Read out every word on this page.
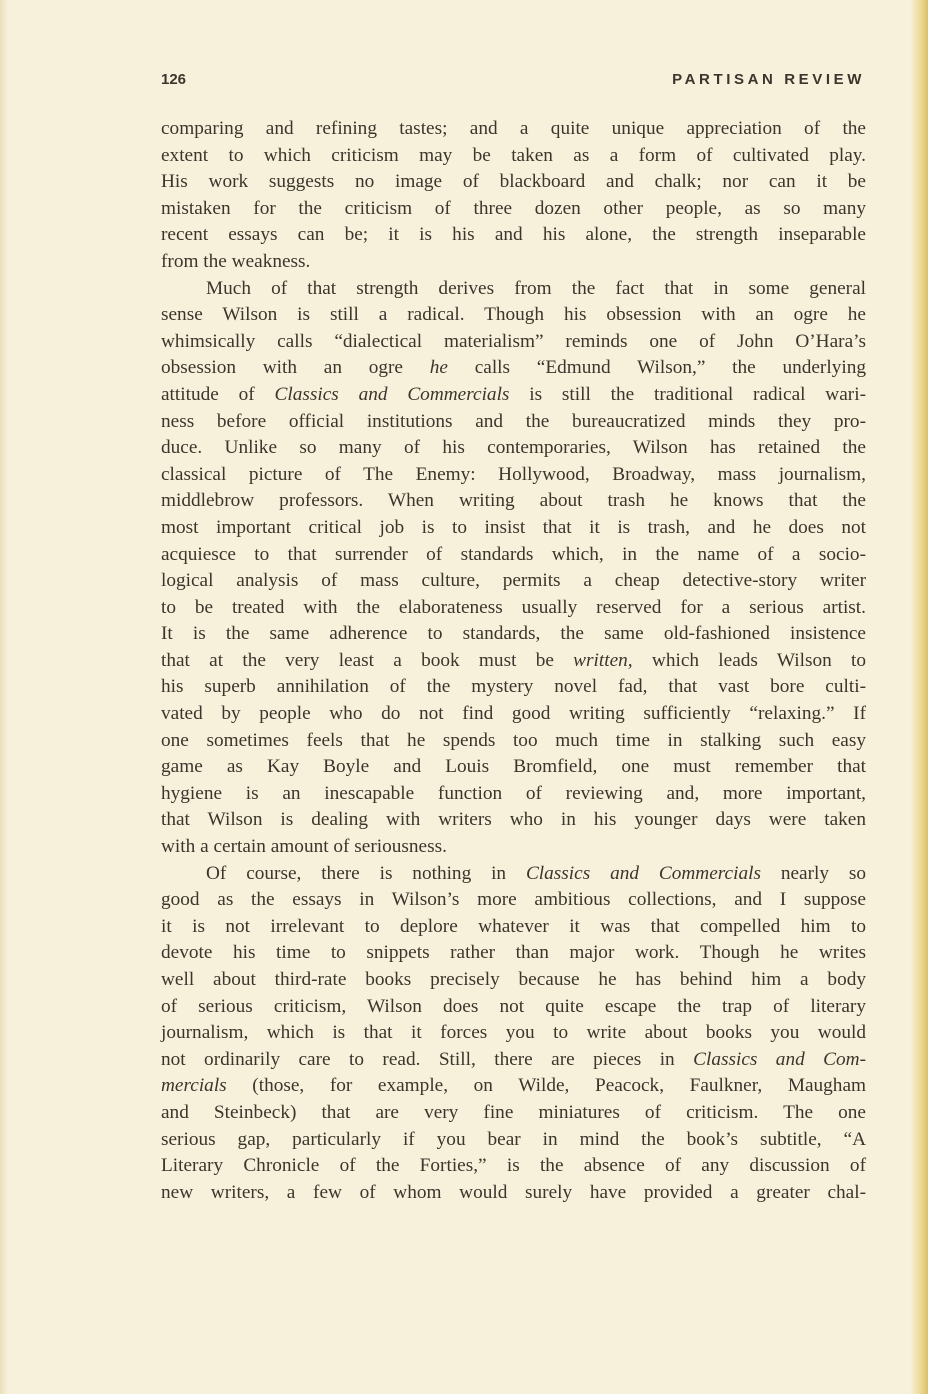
126	PARTISAN REVIEW
comparing and refining tastes; and a quite unique appreciation of the
extent to which criticism may be taken as a form of cultivated play.
His work suggests no image of blackboard and chalk; nor can it be
mistaken for the criticism of three dozen other people, as so many
recent essays can be; it is his and his alone, the strength inseparable
from the weakness.
Much of that strength derives from the fact that in some general
sense Wilson is still a radical. Though his obsession with an ogre he
whimsically calls “dialectical materialism” reminds one of John O’Hara’s
obsession with an ogre he calls “Edmund Wilson,” the underlying
attitude of Classics and Commercials is still the traditional radical wari-
ness before official institutions and the bureaucratized minds they pro-
duce. Unlike so many of his contemporaries, Wilson has retained the
classical picture of The Enemy: Hollywood, Broadway, mass journalism,
middlebrow professors. When writing about trash he knows that the
most important critical job is to insist that it is trash, and he does not
acquiesce to that surrender of standards which, in the name of a socio-
logical analysis of mass culture, permits a cheap detective-story writer
to be treated with the elaborateness usually reserved for a serious artist.
It is the same adherence to standards, the same old-fashioned insistence
that at the very least a book must be written, which leads Wilson to
his superb annihilation of the mystery novel fad, that vast bore culti-
vated by people who do not find good writing sufficiently “relaxing.” If
one sometimes feels that he spends too much time in stalking such easy
game as Kay Boyle and Louis Bromfield, one must remember that
hygiene is an inescapable function of reviewing and, more important,
that Wilson is dealing with writers who in his younger days were taken
with a certain amount of seriousness.
Of course, there is nothing in Classics and Commercials nearly so
good as the essays in Wilson’s more ambitious collections, and I suppose
it is not irrelevant to deplore whatever it was that compelled him to
devote his time to snippets rather than major work. Though he writes
well about third-rate books precisely because he has behind him a body
of serious criticism, Wilson does not quite escape the trap of literary
journalism, which is that it forces you to write about books you would
not ordinarily care to read. Still, there are pieces in Classics and Com-
mercials (those, for example, on Wilde, Peacock, Faulkner, Maugham
and Steinbeck) that are very fine miniatures of criticism. The one
serious gap, particularly if you bear in mind the book’s subtitle, “A
Literary Chronicle of the Forties,” is the absence of any discussion of
new writers, a few of whom would surely have provided a greater chal-
